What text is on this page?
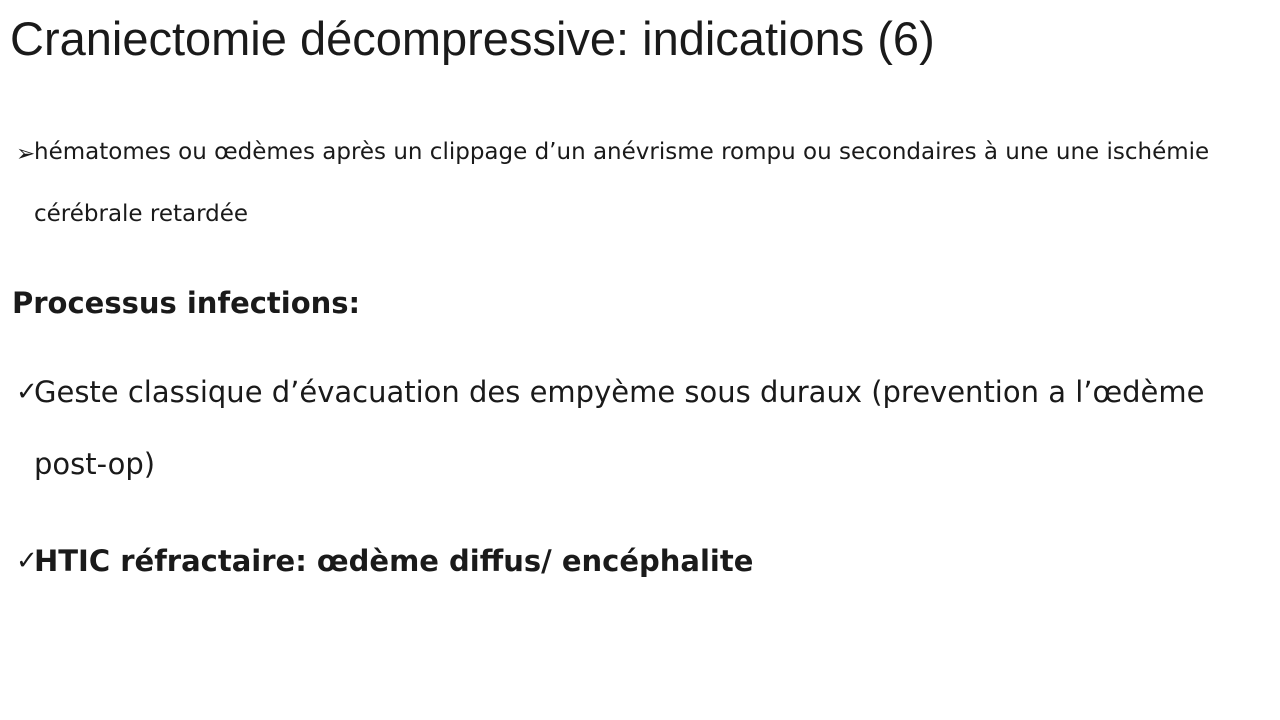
Craniectomie décompressive: indications (6)
➢
hématomes ou œdèmes après un clippage d’un anévrisme rompu ou secondaires à une une ischémie cérébrale retardée
Processus infections:
✓
Geste classique d’évacuation des empyème sous duraux (prevention a l’œdème post-op)
✓
HTIC réfractaire: œdème diffus/ encéphalite
